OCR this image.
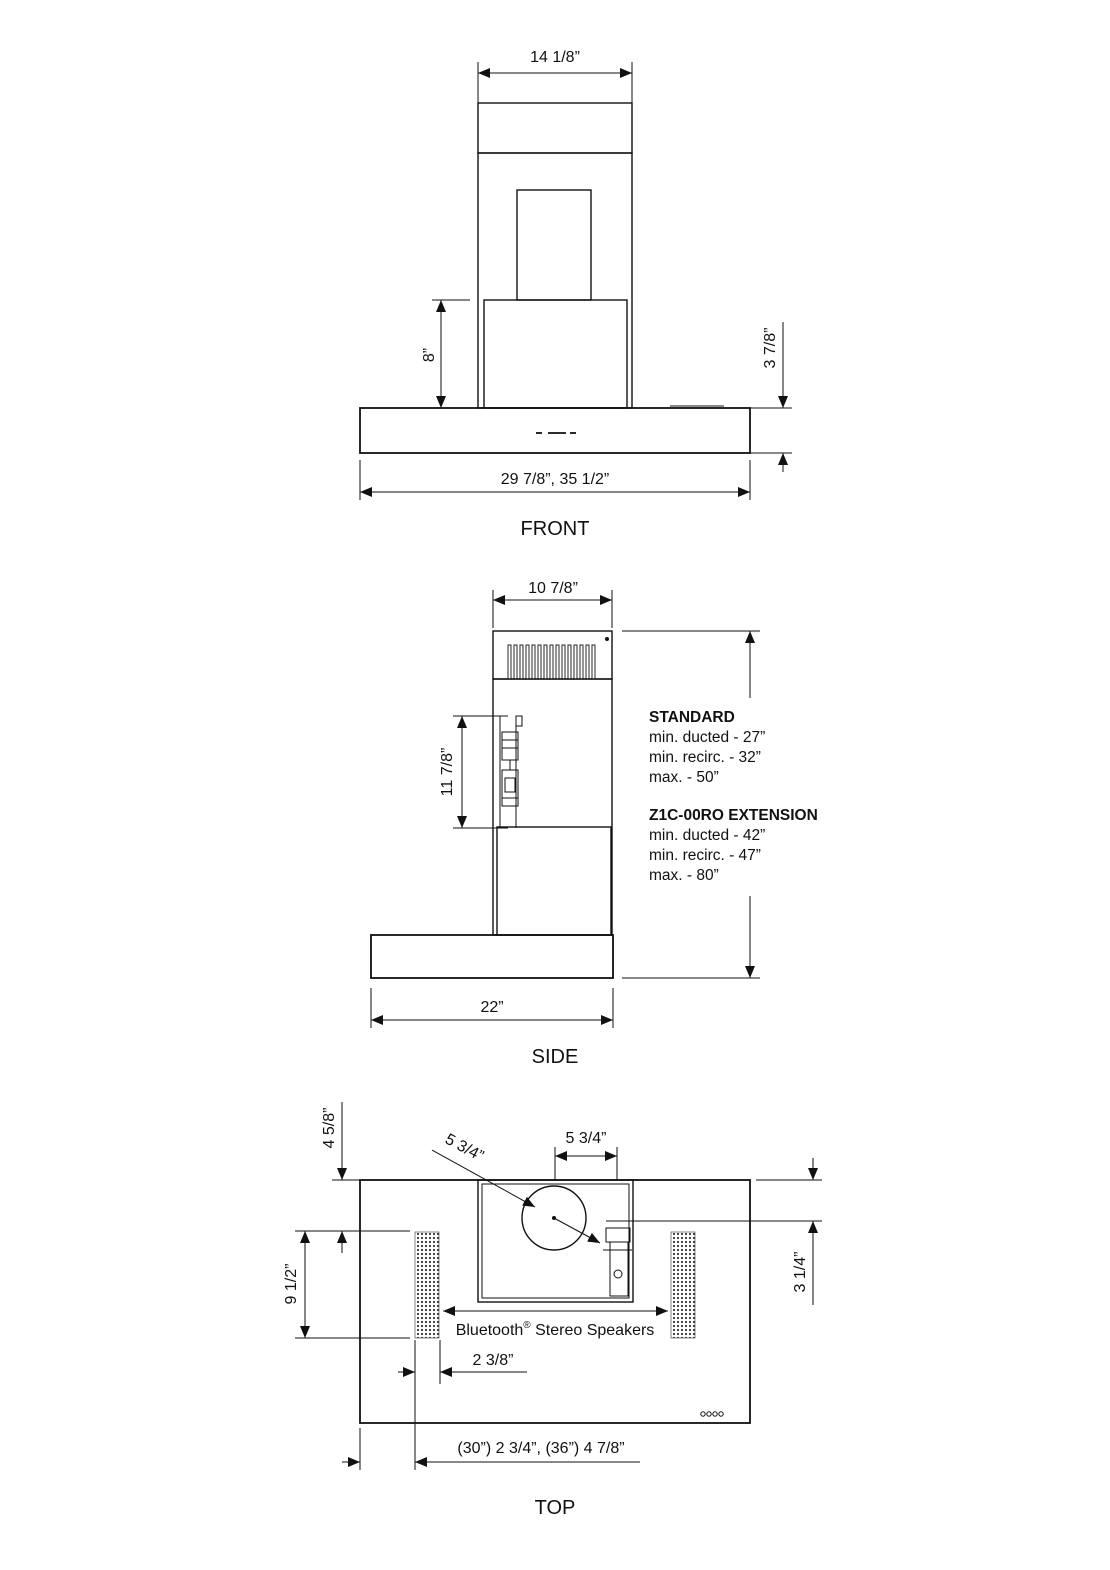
14 1/8”
8”	3 7/8”
29 7/8”, 35 1/2”
FRONT
10 7/8”
11 7/8”
STANDARD
min. ducted - 27”
min. recirc. - 32”
max. - 50”
Z1C-00RO EXTENSION
min. ducted - 42”
min. recirc. - 47”
max. - 80”
22”
SIDE
5 3/4”	5 3/4”
4 5/8”
9 1/2”	3 1/4”
Bluetooth® Stereo Speakers
2 3/8”
(30”) 2 3/4”, (36”) 4 7/8”
TOP
